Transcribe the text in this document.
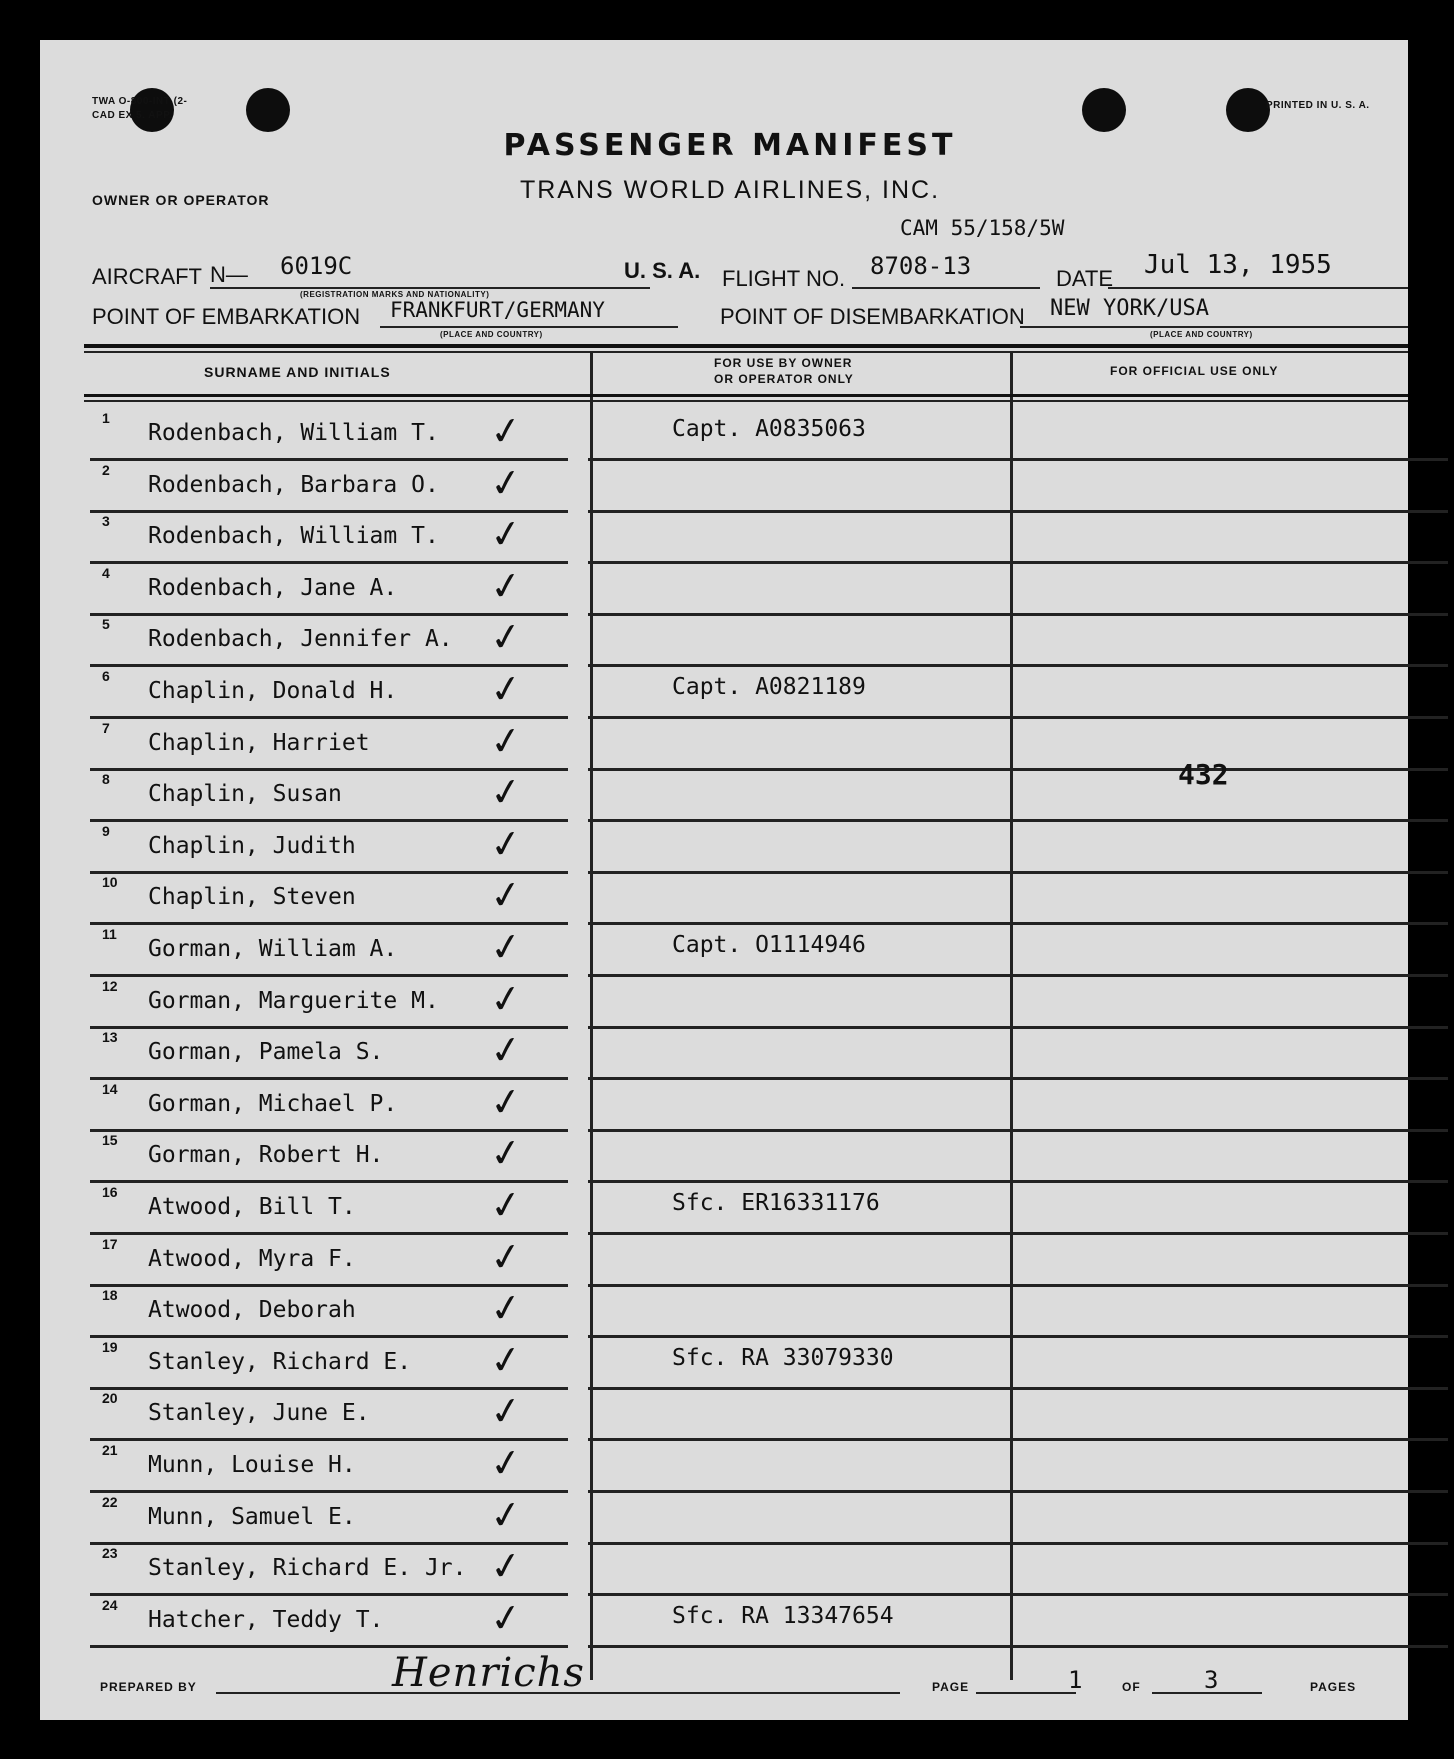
TWA O-800-INT (2-
CAD EX 5. APP.
PRINTED IN U. S. A.
PASSENGER MANIFEST
TRANS WORLD AIRLINES, INC.
OWNER OR OPERATOR
CAM 55/158/5W
AIRCRAFT N— 6019C
(REGISTRATION MARKS AND NATIONALITY)
U. S. A. FLIGHT NO. 8708-13	DATE Jul 13, 1955
POINT OF EMBARKATION FRANKFURT/GERMANY
(PLACE AND COUNTRY)
POINT OF DISEMBARKATION NEW YORK/USA
(PLACE AND COUNTRY)
SURNAME AND INITIALS
FOR USE BY OWNER
OR OPERATOR ONLY
FOR OFFICIAL USE ONLY
1
Rodenbach, William T. ✓	Capt. A0835063
2
Rodenbach, Barbara O. ✓
3
Rodenbach, William T. ✓
4
Rodenbach, Jane A. ✓
5
Rodenbach, Jennifer A. ✓
6
Chaplin, Donald H. ✓	Capt. A0821189
7
Chaplin, Harriet	✓
8
Chaplin, Susan	✓
9
Chaplin, Judith	✓
10
Chaplin, Steven	✓
11
Gorman, William A. ✓	Capt. O1114946
12
Gorman, Marguerite M. ✓
13
Gorman, Pamela S.	✓
14
Gorman, Michael P. ✓
15
Gorman, Robert H.	✓
16
Atwood, Bill T.	✓	Sfc. ER16331176
17
Atwood, Myra F.	✓
18
Atwood, Deborah	✓
19
Stanley, Richard E. ✓	Sfc. RA 33079330
20
Stanley, June E.	✓
21
Munn, Louise H.	✓
22
Munn, Samuel E.	✓
23
Stanley, Richard E. Jr. ✓
24
Hatcher, Teddy T.	✓	Sfc. RA 13347654
432
PREPARED BY	Henrichs	PAGE	1	OF	3	PAGES
